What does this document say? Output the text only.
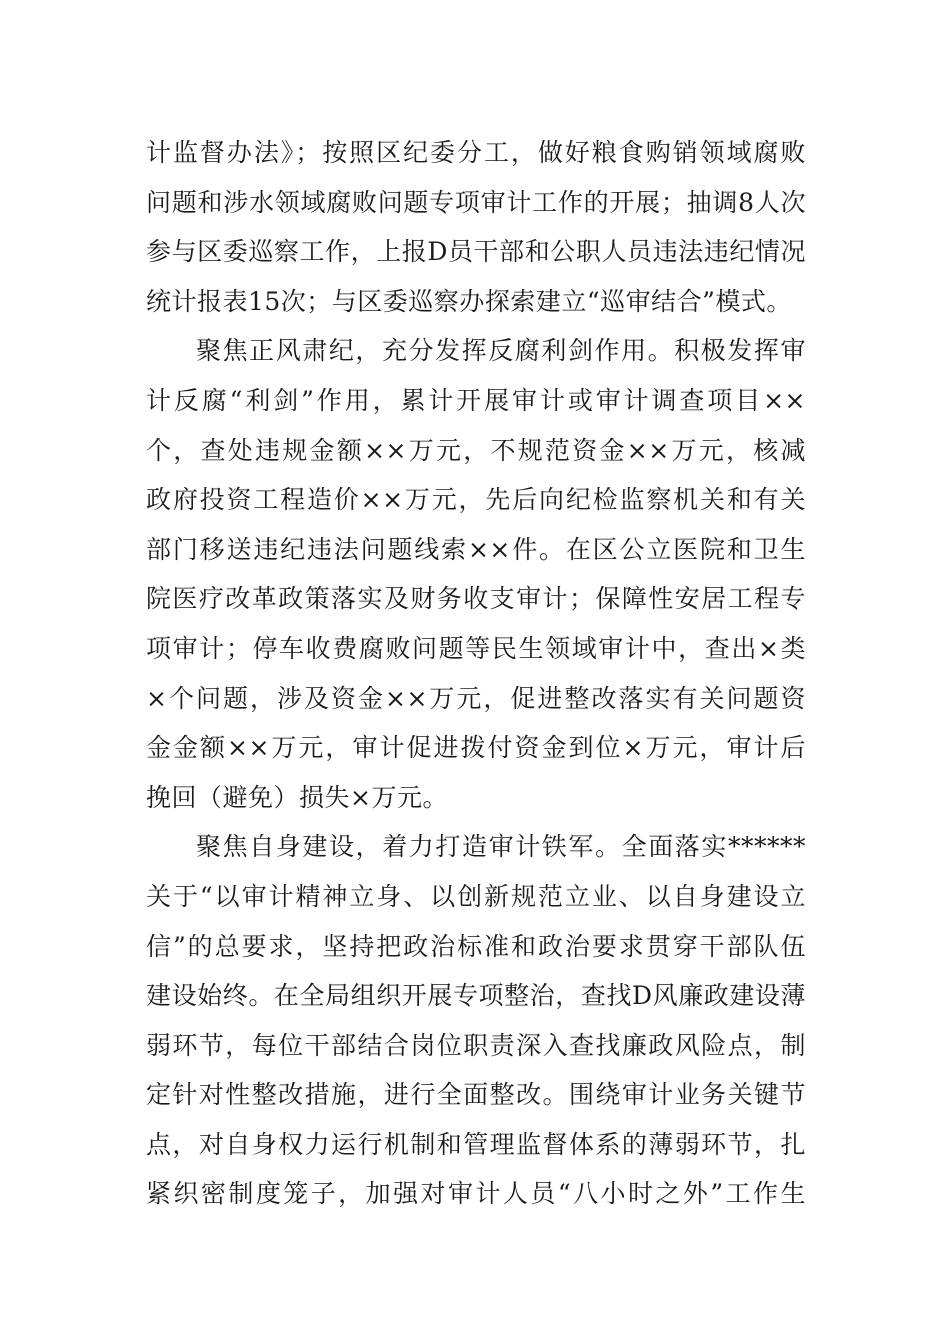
计监督办法》；按照区纪委分工，做好粮食购销领域腐败
问题和涉水领域腐败问题专项审计工作的开展；抽调8人次
参与区委巡察工作，上报D员干部和公职人员违法违纪情况
统计报表15次；与区委巡察办探索建立“巡审结合”模式。
聚焦正风肃纪，充分发挥反腐利剑作用。积极发挥审
计反腐“利剑”作用，累计开展审计或审计调查项目××
个，查处违规金额××万元，不规范资金××万元，核减
政府投资工程造价××万元，先后向纪检监察机关和有关
部门移送违纪违法问题线索××件。在区公立医院和卫生
院医疗改革政策落实及财务收支审计；保障性安居工程专
项审计；停车收费腐败问题等民生领域审计中，查出×类
×个问题，涉及资金××万元，促进整改落实有关问题资
金金额××万元，审计促进拨付资金到位×万元，审计后
挽回（避免）损失×万元。
聚焦自身建设，着力打造审计铁军。全面落实******
关于“以审计精神立身、以创新规范立业、以自身建设立
信”的总要求，坚持把政治标准和政治要求贯穿干部队伍
建设始终。在全局组织开展专项整治，查找D风廉政建设薄
弱环节，每位干部结合岗位职责深入查找廉政风险点，制
定针对性整改措施，进行全面整改。围绕审计业务关键节
点，对自身权力运行机制和管理监督体系的薄弱环节，扎
紧织密制度笼子，加强对审计人员“八小时之外”工作生
